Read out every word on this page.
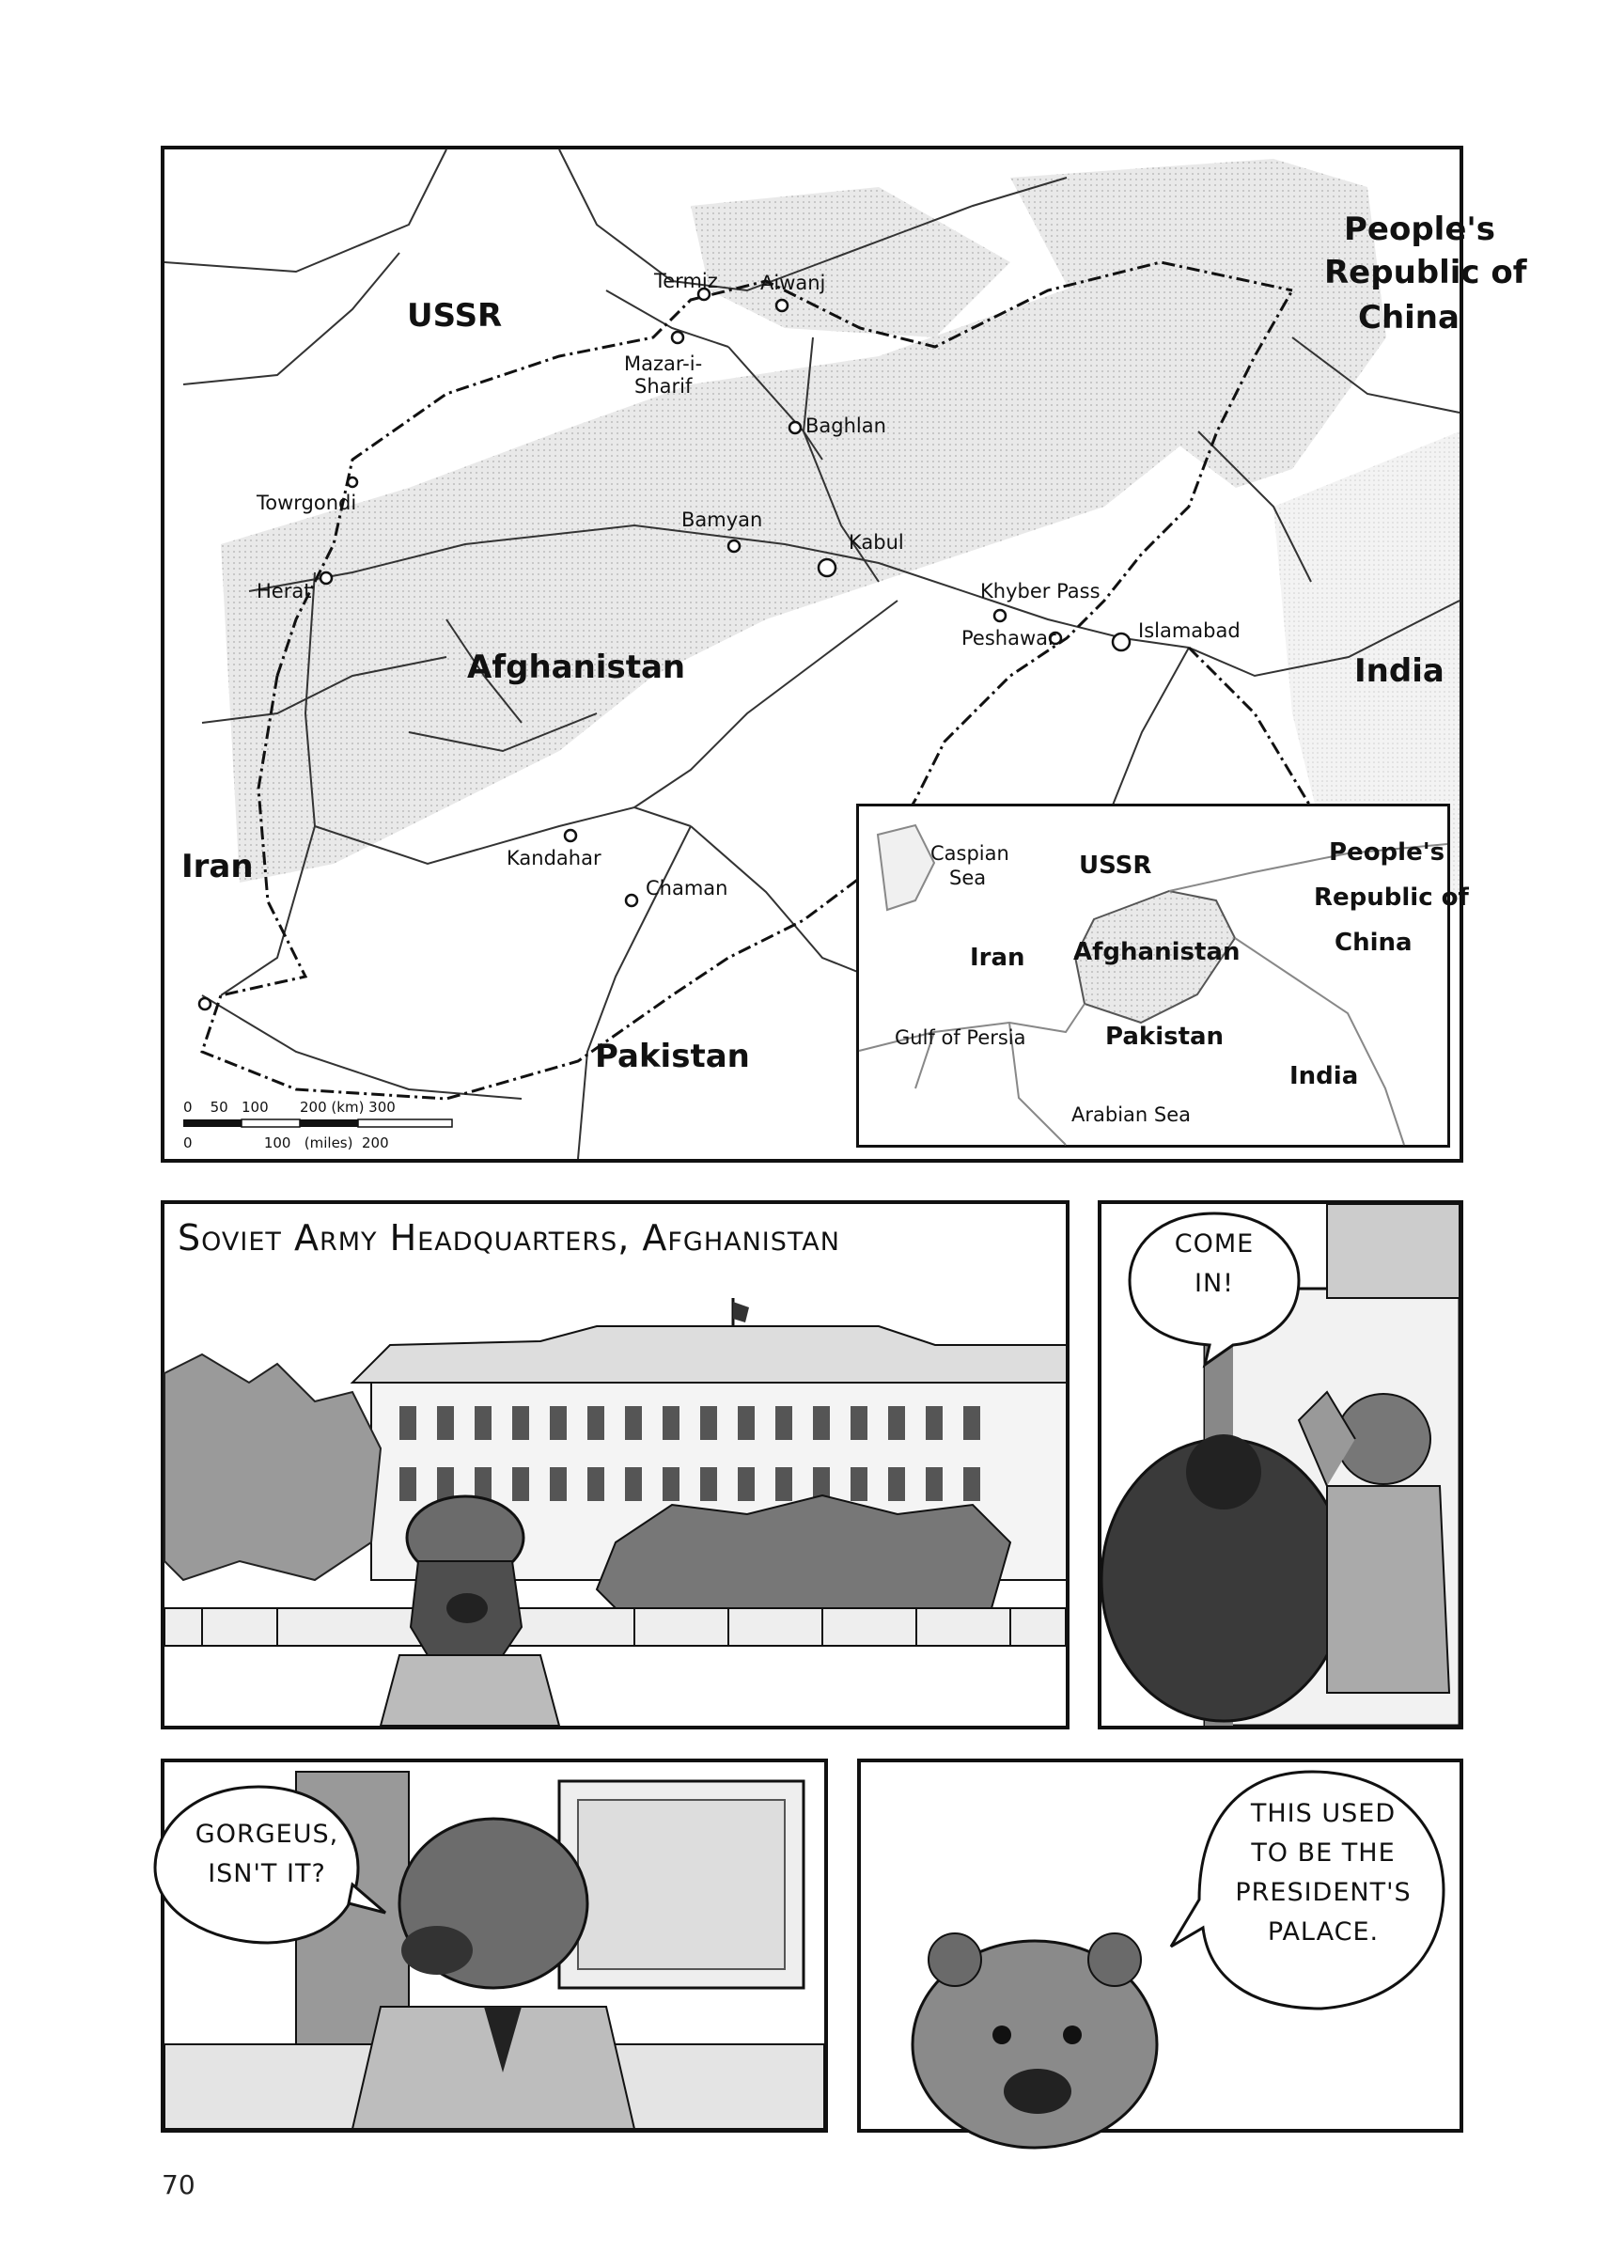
USSR
People's
Republic of
China
Afghanistan
Iran
Pakistan
India
Termiz Aiwanj
Mazar-i-
Sharif
Baghlan
Towrgondi
Bamyan
Kabul
Herat	Khyber Pass
Peshawar	Islamabad
Kandahar
Chaman
0    50   100       200 (km) 300
0                100   (miles)  200
Caspian
Sea	USSR	People's
Republic of
China
Iran Afghanistan
Gulf of Persia	Pakistan
India
Arabian Sea
Soviet Army Headquarters, Afghanistan	COME
IN!
GORGEUS,
ISN'T IT?
THIS USED
TO BE THE
PRESIDENT'S
PALACE.
70
